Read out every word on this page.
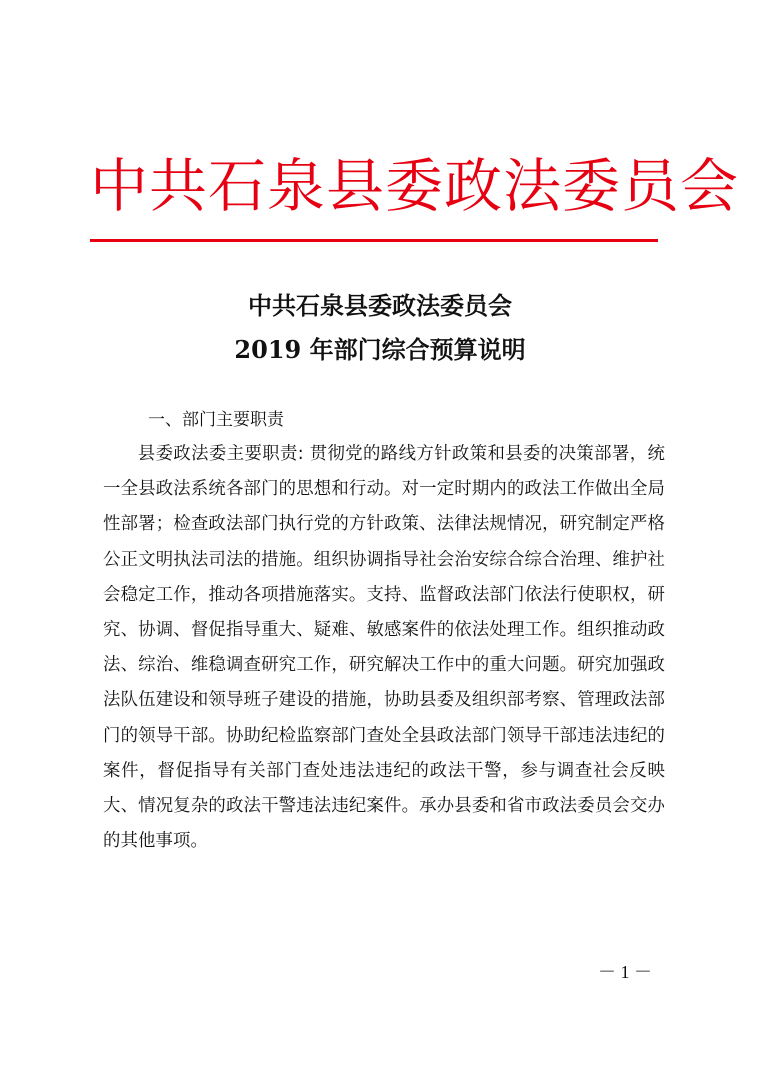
中共石泉县委政法委员会
中共石泉县委政法委员会
2019 年部门综合预算说明
一、部门主要职责
县委政法委主要职责: 贯彻党的路线方针政策和县委的决策部署，统一全县政法系统各部门的思想和行动。对一定时期内的政法工作做出全局性部署；检查政法部门执行党的方针政策、法律法规情况，研究制定严格公正文明执法司法的措施。组织协调指导社会治安综合综合治理、维护社会稳定工作，推动各项措施落实。支持、监督政法部门依法行使职权，研究、协调、督促指导重大、疑难、敏感案件的依法处理工作。组织推动政法、综治、维稳调查研究工作，研究解决工作中的重大问题。研究加强政法队伍建设和领导班子建设的措施，协助县委及组织部考察、管理政法部门的领导干部。协助纪检监察部门查处全县政法部门领导干部违法违纪的案件，督促指导有关部门查处违法违纪的政法干警，参与调查社会反映大、情况复杂的政法干警违法违纪案件。承办县委和省市政法委员会交办的其他事项。
－ 1 －
